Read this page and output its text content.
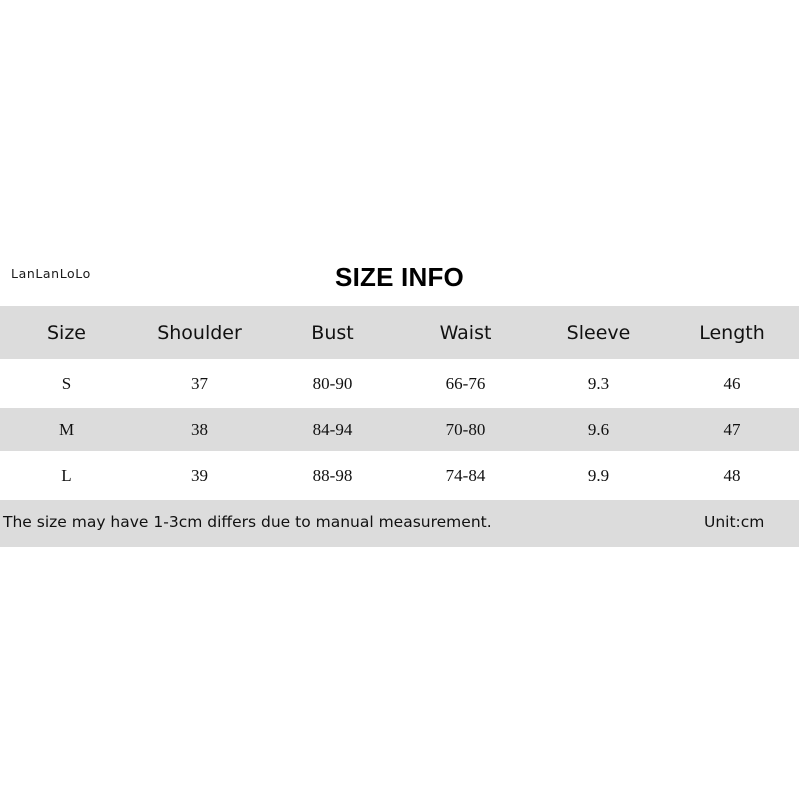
LanLanLoLo	SIZE INFO
Size	Shoulder	Bust	Waist	Sleeve	Length
S	37	80-90	66-76	9.3	46
M	38	84-94	70-80	9.6	47
L	39	88-98	74-84	9.9	48
The size may have 1-3cm differs due to manual measurement.	Unit:cm
